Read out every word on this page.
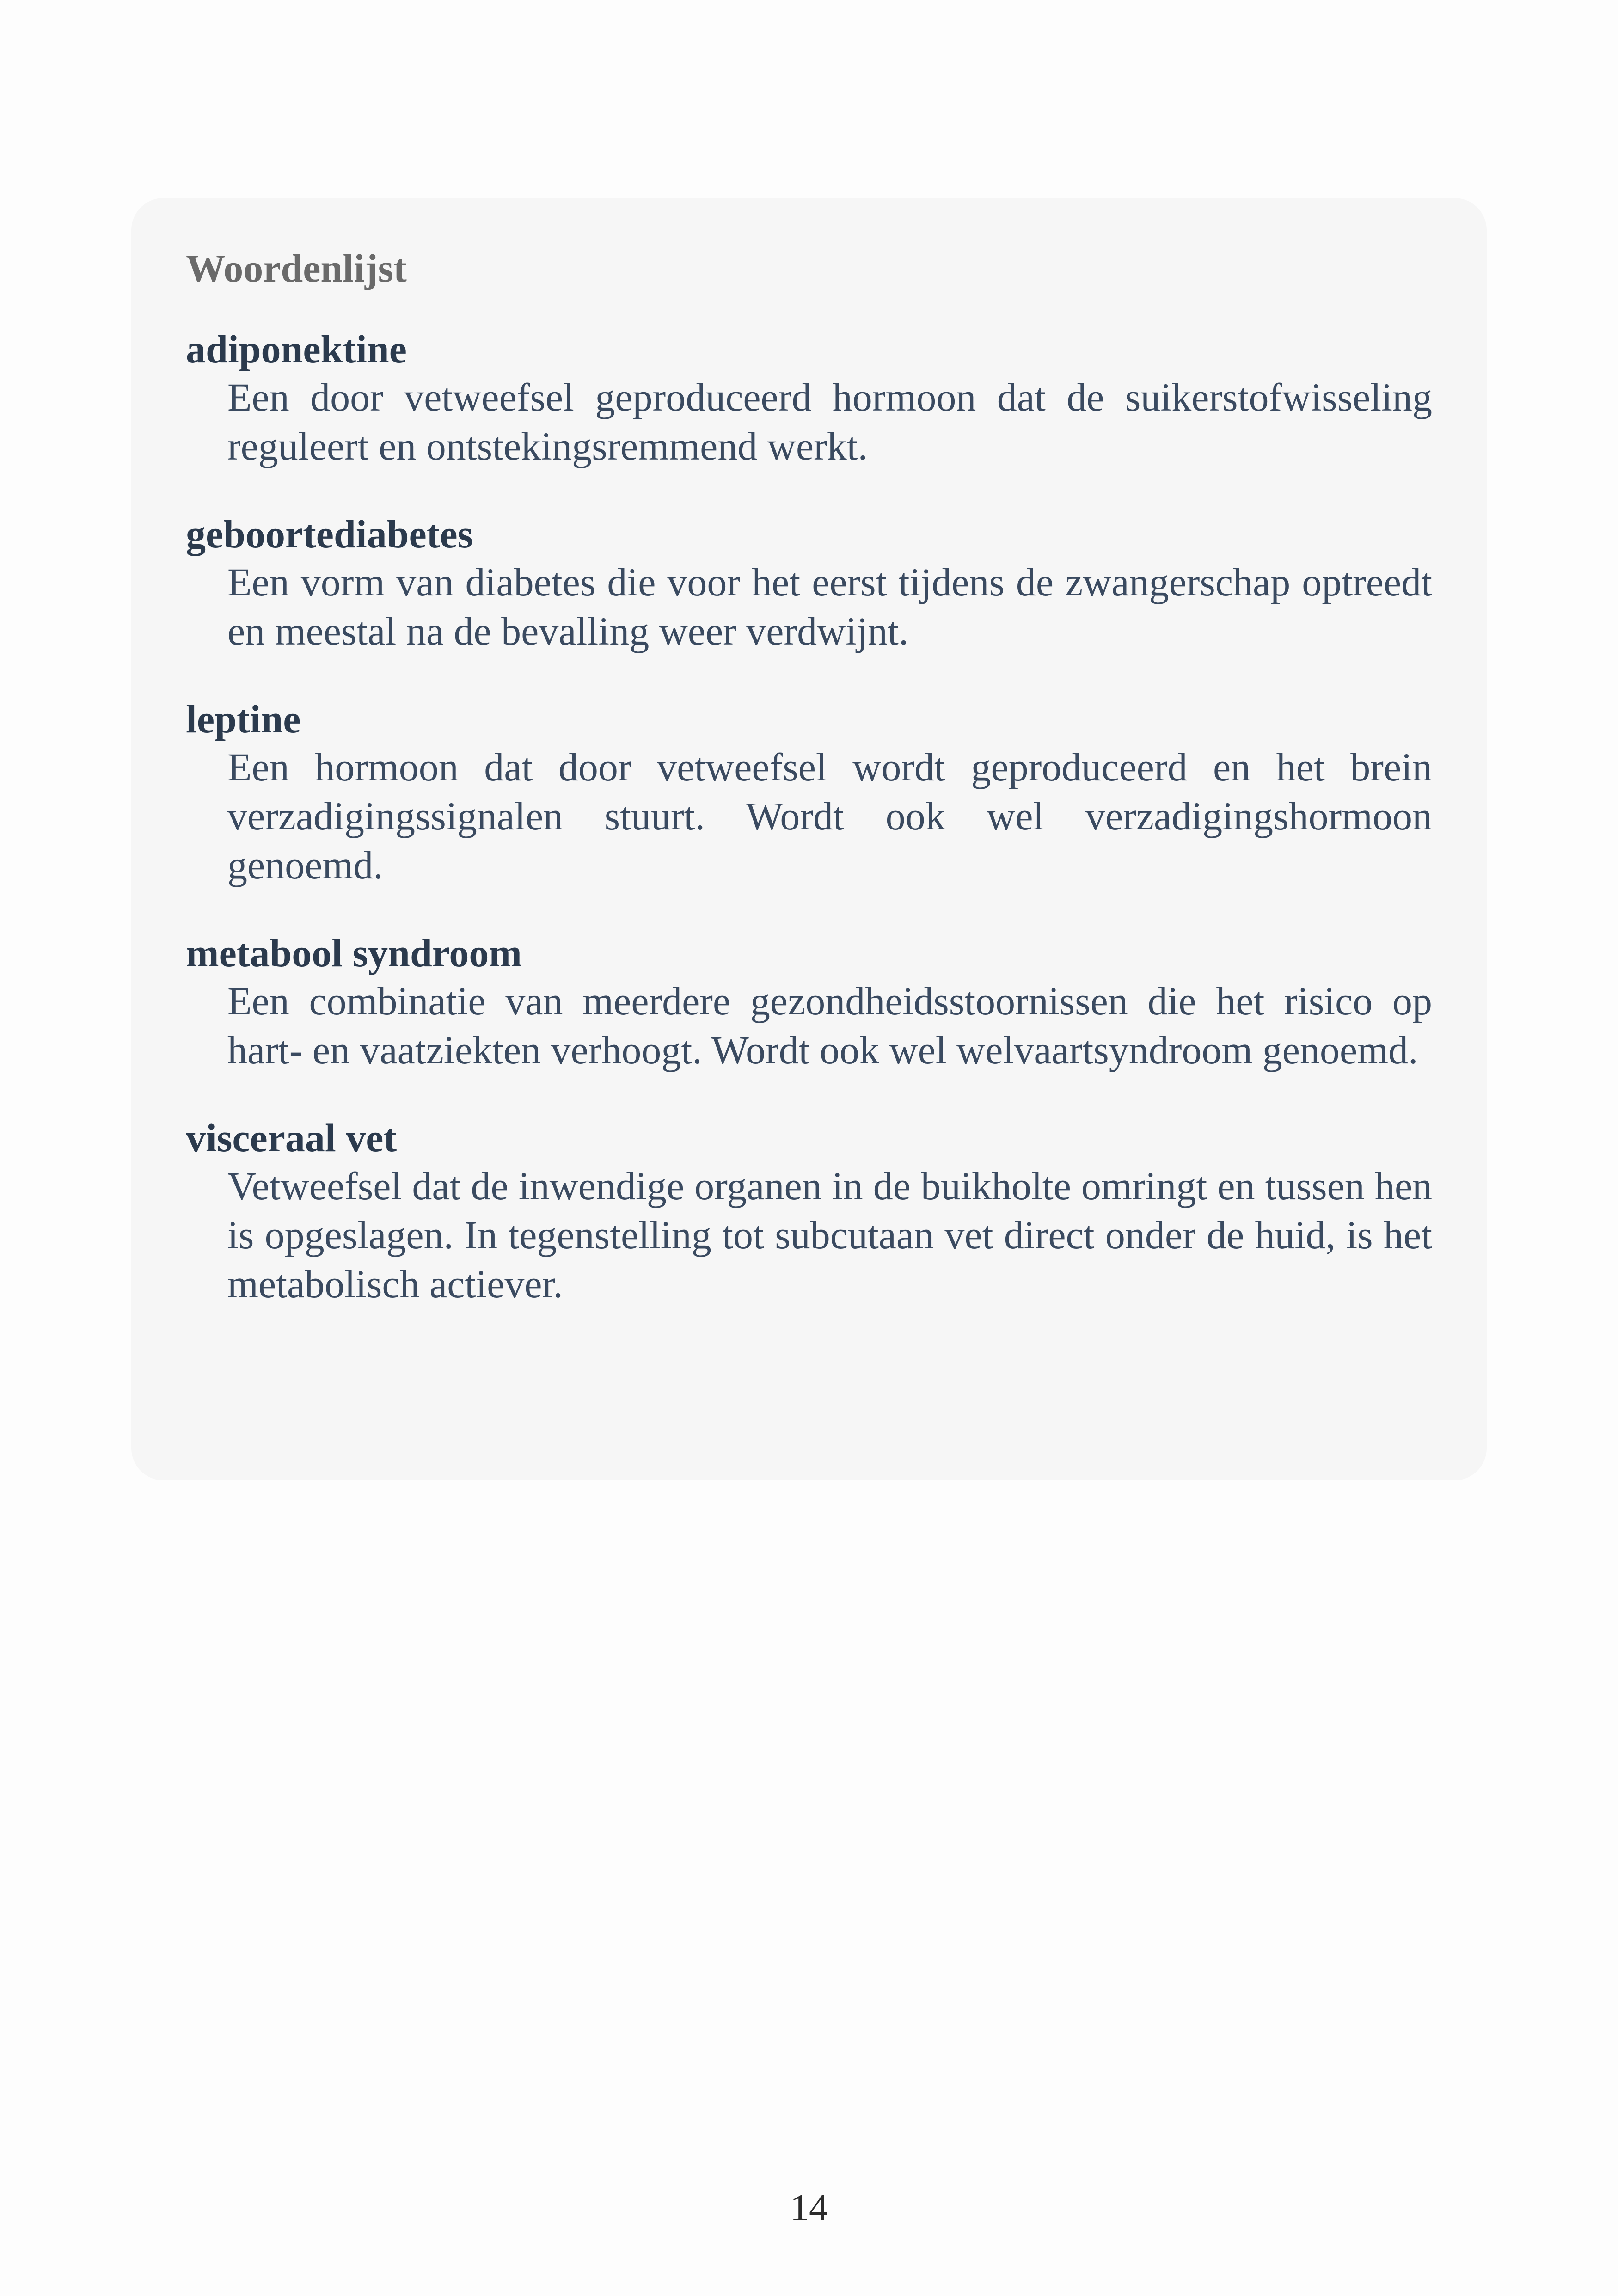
Woordenlijst
adiponektine
Een door vetweefsel geproduceerd hormoon dat de suikerstofwisseling reguleert en ontstekingsremmend werkt.
geboortediabetes
Een vorm van diabetes die voor het eerst tijdens de zwangerschap optreedt en meestal na de bevalling weer verdwijnt.
leptine
Een hormoon dat door vetweefsel wordt geproduceerd en het brein verzadigingssignalen stuurt. Wordt ook wel verzadigingshormoon genoemd.
metabool syndroom
Een combinatie van meerdere gezondheidsstoornissen die het risico op hart- en vaatziekten verhoogt. Wordt ook wel welvaartsyndroom genoemd.
visceraal vet
Vetweefsel dat de inwendige organen in de buikholte omringt en tussen hen is opgeslagen. In tegenstelling tot subcutaan vet direct onder de huid, is het metabolisch actiever.
14
